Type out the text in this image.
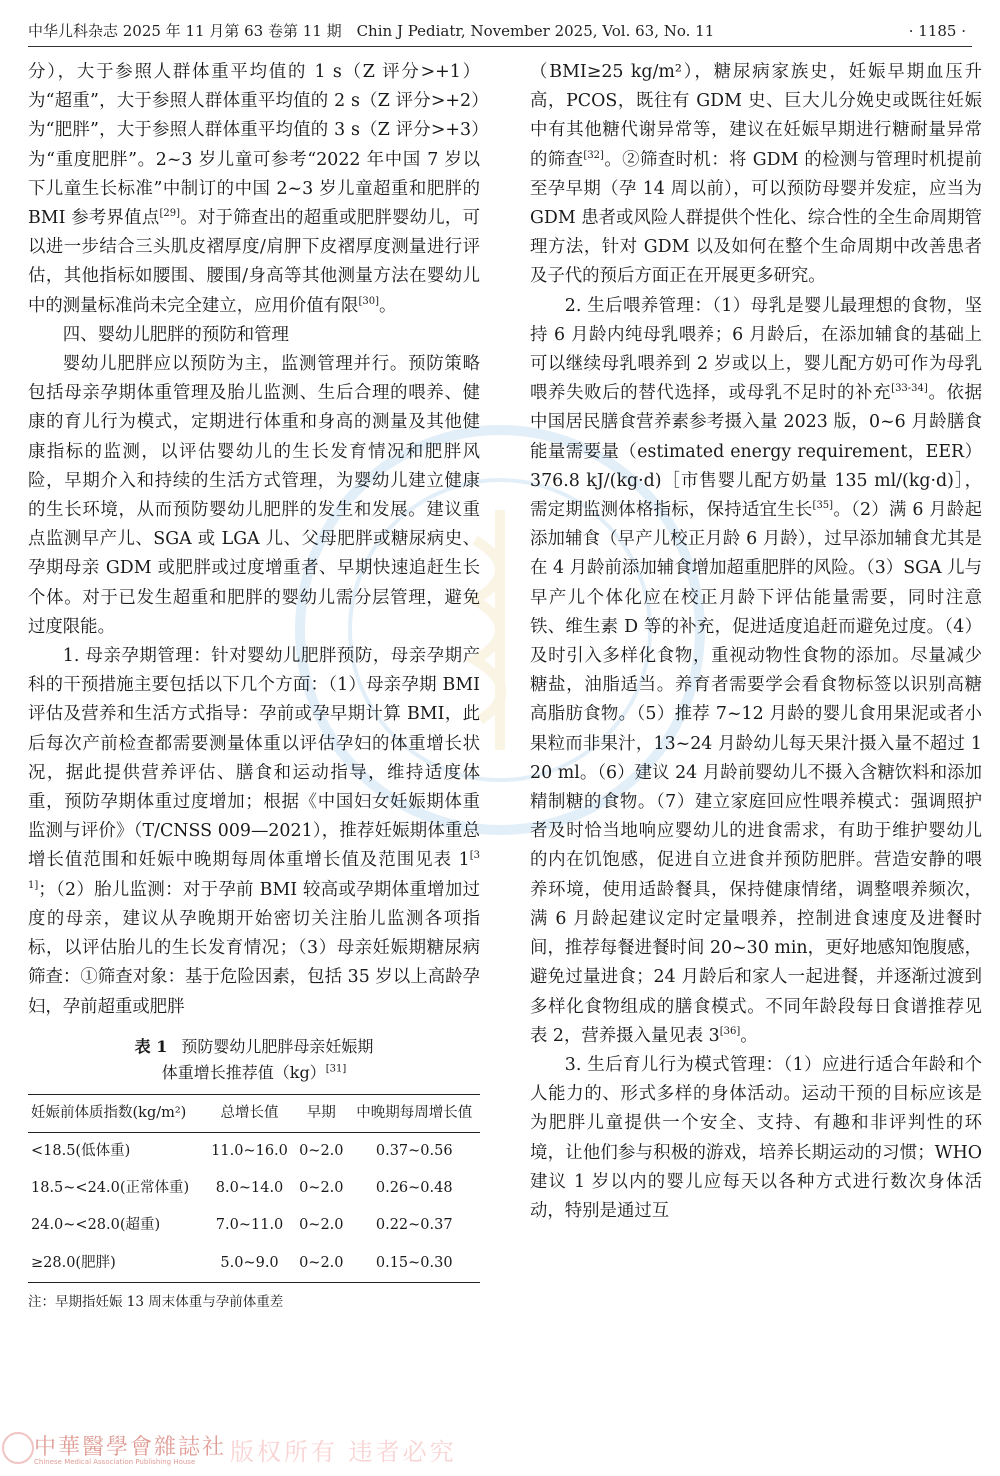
中华儿科杂志 2025 年 11 月第 63 卷第 11 期　Chin J Pediatr, November 2025, Vol. 63, No. 11	· 1185 ·

分），大于参照人群体重平均值的 1 s（Z 评分>+1）为“超重”，大于参照人群体重平均值的 2 s（Z 评分>+2）为“肥胖”，大于参照人群体重平均值的 3 s（Z 评分>+3）为“重度肥胖”。2~3 岁儿童可参考“2022 年中国 7 岁以下儿童生长标准”中制订的中国 2~3 岁儿童超重和肥胖的 BMI 参考界值点[29]。对于筛查出的超重或肥胖婴幼儿，可以进一步结合三头肌皮褶厚度/肩胛下皮褶厚度测量进行评估，其他指标如腰围、腰围/身高等其他测量方法在婴幼儿中的测量标准尚未完全建立，应用价值有限[30]。

四、婴幼儿肥胖的预防和管理

婴幼儿肥胖应以预防为主，监测管理并行。预防策略包括母亲孕期体重管理及胎儿监测、生后合理的喂养、健康的育儿行为模式，定期进行体重和身高的测量及其他健康指标的监测，以评估婴幼儿的生长发育情况和肥胖风险，早期介入和持续的生活方式管理，为婴幼儿建立健康的生长环境，从而预防婴幼儿肥胖的发生和发展。建议重点监测早产儿、SGA 或 LGA 儿、父母肥胖或糖尿病史、孕期母亲 GDM 或肥胖或过度增重者、早期快速追赶生长个体。对于已发生超重和肥胖的婴幼儿需分层管理，避免过度限能。

1. 母亲孕期管理：针对婴幼儿肥胖预防，母亲孕期产科的干预措施主要包括以下几个方面：（1）母亲孕期 BMI 评估及营养和生活方式指导：孕前或孕早期计算 BMI，此后每次产前检查都需要测量体重以评估孕妇的体重增长状况，据此提供营养评估、膳食和运动指导，维持适度体重，预防孕期体重过度增加；根据《中国妇女妊娠期体重监测与评价》（T/CNSS 009—2021），推荐妊娠期体重总增长值范围和妊娠中晚期每周体重增长值及范围见表 1[31]；（2）胎儿监测：对于孕前 BMI 较高或孕期体重增加过度的母亲，建议从孕晚期开始密切关注胎儿监测各项指标，以评估胎儿的生长发育情况；（3）母亲妊娠期糖尿病筛查：①筛查对象：基于危险因素，包括 35 岁以上高龄孕妇，孕前超重或肥胖

表 1 预防婴幼儿肥胖母亲妊娠期
体重增长推荐值（kg）[31]
妊娠前体质指数(kg/m²)	总增长值	早期	中晚期每周增长值
<18.5(低体重)	11.0~16.0	0~2.0	0.37~0.56
18.5~<24.0(正常体重)	8.0~14.0	0~2.0	0.26~0.48
24.0~<28.0(超重)	7.0~11.0	0~2.0	0.22~0.37
≥28.0(肥胖)	5.0~9.0	0~2.0	0.15~0.30
注：早期指妊娠 13 周末体重与孕前体重差

（BMI≥25 kg/m²），糖尿病家族史，妊娠早期血压升高，PCOS，既往有 GDM 史、巨大儿分娩史或既往妊娠中有其他糖代谢异常等，建议在妊娠早期进行糖耐量异常的筛查[32]。②筛查时机：将 GDM 的检测与管理时机提前至孕早期（孕 14 周以前），可以预防母婴并发症，应当为 GDM 患者或风险人群提供个性化、综合性的全生命周期管理方法，针对 GDM 以及如何在整个生命周期中改善患者及子代的预后方面正在开展更多研究。

2. 生后喂养管理：（1）母乳是婴儿最理想的食物，坚持 6 月龄内纯母乳喂养；6 月龄后，在添加辅食的基础上可以继续母乳喂养到 2 岁或以上，婴儿配方奶可作为母乳喂养失败后的替代选择，或母乳不足时的补充[33-34]。依据中国居民膳食营养素参考摄入量 2023 版，0~6 月龄膳食能量需要量（estimated energy requirement，EER）376.8 kJ/(kg·d)［市售婴儿配方奶量 135 ml/(kg·d)］，需定期监测体格指标，保持适宜生长[35]。（2）满 6 月龄起添加辅食（早产儿校正月龄 6 月龄），过早添加辅食尤其是在 4 月龄前添加辅食增加超重肥胖的风险。（3）SGA 儿与早产儿个体化应在校正月龄下评估能量需要，同时注意铁、维生素 D 等的补充，促进适度追赶而避免过度。（4）及时引入多样化食物，重视动物性食物的添加。尽量减少糖盐，油脂适当。养育者需要学会看食物标签以识别高糖高脂肪食物。（5）推荐 7~12 月龄的婴儿食用果泥或者小果粒而非果汁，13~24 月龄幼儿每天果汁摄入量不超过 120 ml。（6）建议 24 月龄前婴幼儿不摄入含糖饮料和添加精制糖的食物。（7）建立家庭回应性喂养模式：强调照护者及时恰当地响应婴幼儿的进食需求，有助于维护婴幼儿的内在饥饱感，促进自立进食并预防肥胖。营造安静的喂养环境，使用适龄餐具，保持健康情绪，调整喂养频次，满 6 月龄起建议定时定量喂养，控制进食速度及进餐时间，推荐每餐进餐时间 20~30 min，更好地感知饱腹感，避免过量进食；24 月龄后和家人一起进餐，并逐渐过渡到多样化食物组成的膳食模式。不同年龄段每日食谱推荐见表 2，营养摄入量见表 3[36]。

3. 生后育儿行为模式管理：（1）应进行适合年龄和个人能力的、形式多样的身体活动。运动干预的目标应该是为肥胖儿童提供一个安全、支持、有趣和非评判性的环境，让他们参与积极的游戏，培养长期运动的习惯；WHO 建议 1 岁以内的婴儿应每天以各种方式进行数次身体活动，特别是通过互

中華醫學會雜誌社
Chinese Medical Association Publishing House 版权所有 违者必究
